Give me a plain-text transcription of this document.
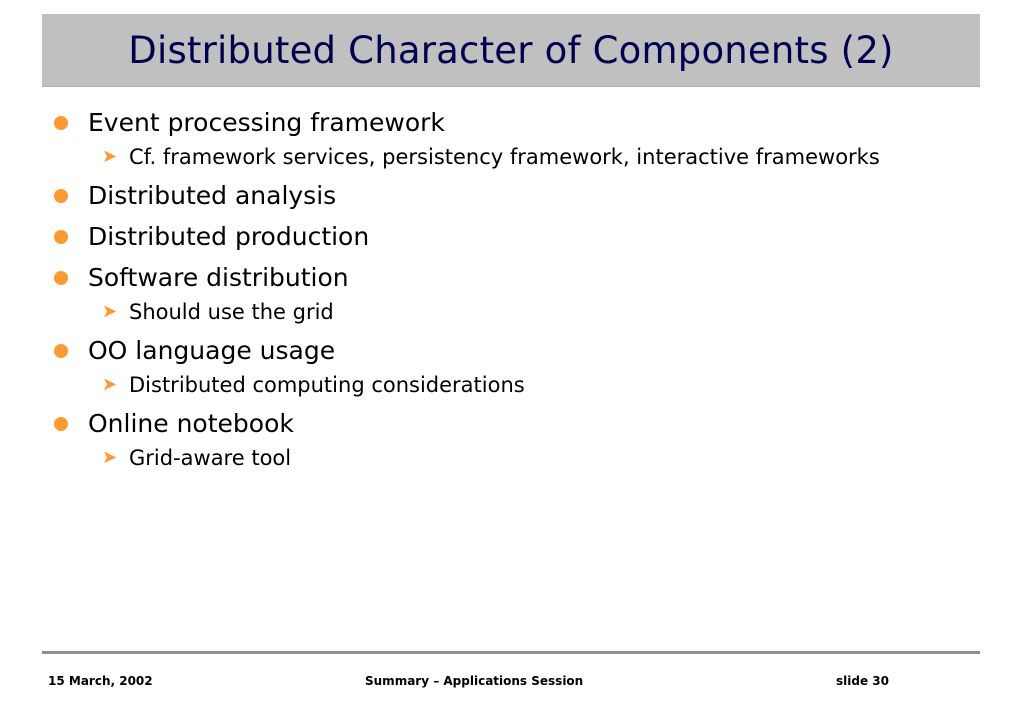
Distributed Character of Components (2)
Event processing framework
➤ Cf. framework services, persistency framework, interactive frameworks
Distributed analysis
Distributed production
Software distribution
➤ Should use the grid
OO language usage
➤ Distributed computing considerations
Online notebook
➤ Grid-aware tool
15 March, 2002	Summary – Applications Session	slide 30
